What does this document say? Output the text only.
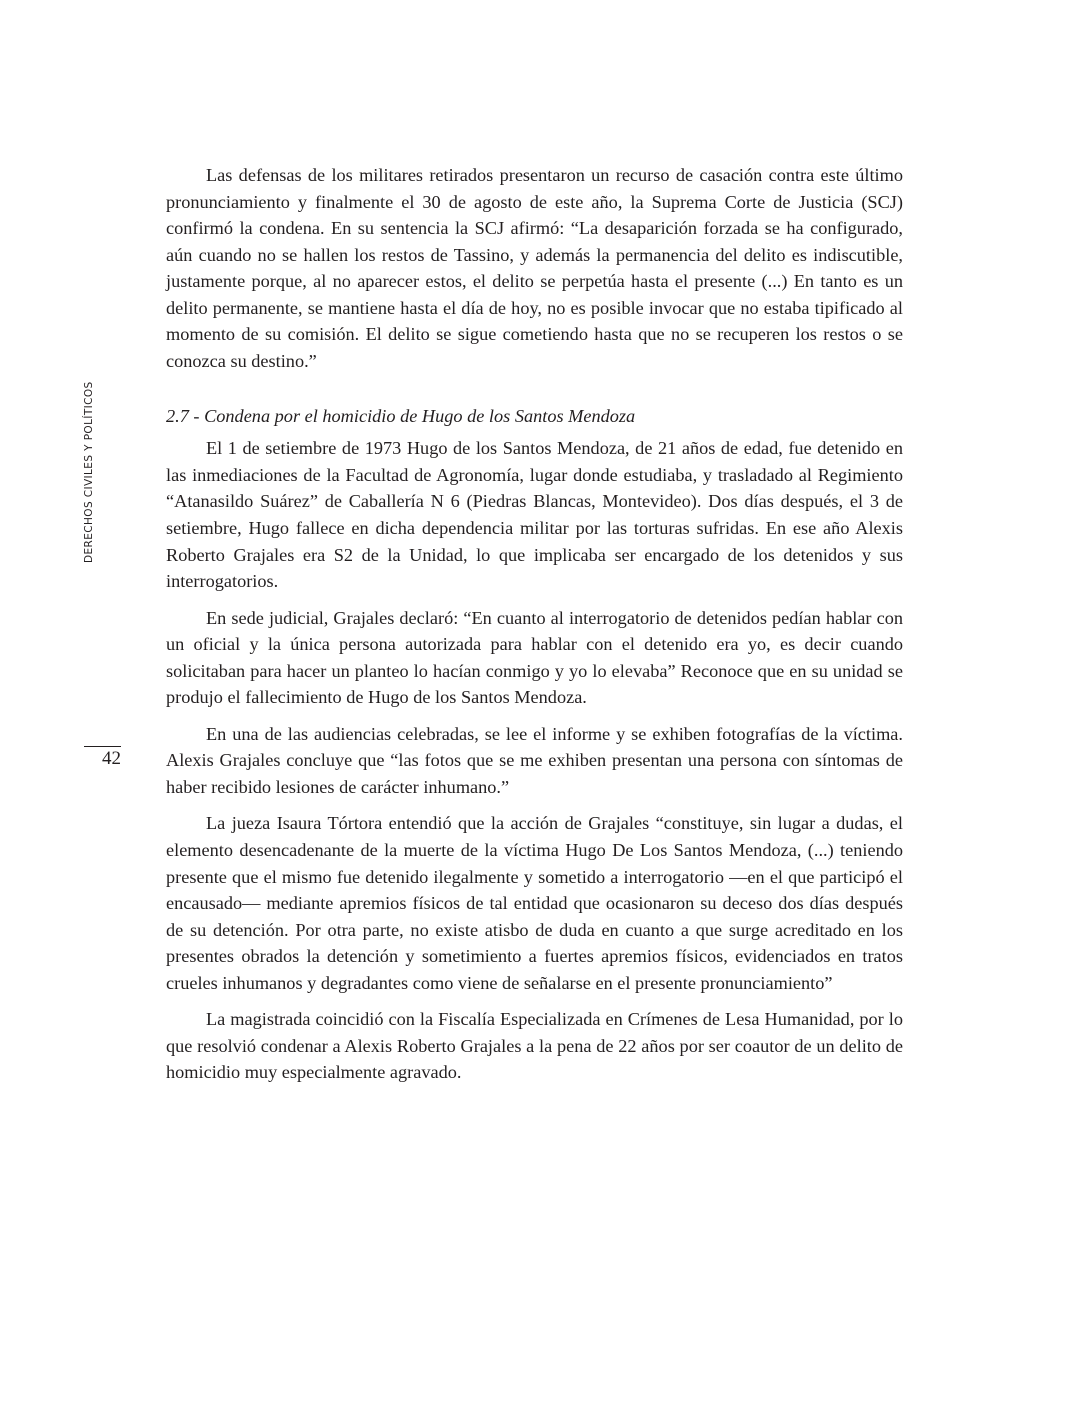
DERECHOS CIVILES Y POLÍTICOS
42

Las defensas de los militares retirados presentaron un recurso de casación contra este último pronunciamiento y finalmente el 30 de agosto de este año, la Suprema Corte de Justicia (SCJ) confirmó la condena. En su sentencia la SCJ afirmó: “La desaparición forzada se ha configurado, aún cuando no se hallen los restos de Tassino, y además la permanencia del delito es indiscutible, justamente porque, al no aparecer estos, el delito se perpetúa hasta el presente (...) En tanto es un delito permanente, se mantiene hasta el día de hoy, no es posible invocar que no estaba tipificado al momento de su comisión. El delito se sigue cometiendo hasta que no se recuperen los restos o se conozca su destino.”

2.7 - Condena por el homicidio de Hugo de los Santos Mendoza

El 1 de setiembre de 1973 Hugo de los Santos Mendoza, de 21 años de edad, fue detenido en las inmediaciones de la Facultad de Agronomía, lugar donde estudiaba, y trasladado al Regimiento “Atanasildo Suárez” de Caballería N 6 (Piedras Blancas, Montevideo). Dos días después, el 3 de setiembre, Hugo fallece en dicha dependencia militar por las torturas sufridas. En ese año Alexis Roberto Grajales era S2 de la Unidad, lo que implicaba ser encargado de los detenidos y sus interrogatorios.

En sede judicial, Grajales declaró: “En cuanto al interrogatorio de detenidos pedían hablar con un oficial y la única persona autorizada para hablar con el detenido era yo, es decir cuando solicitaban para hacer un planteo lo hacían conmigo y yo lo elevaba” Reconoce que en su unidad se produjo el fallecimiento de Hugo de los Santos Mendoza.

En una de las audiencias celebradas, se lee el informe y se exhiben fotografías de la víctima. Alexis Grajales concluye que “las fotos que se me exhiben presentan una persona con síntomas de haber recibido lesiones de carácter inhumano.”

La jueza Isaura Tórtora entendió que la acción de Grajales “constituye, sin lugar a dudas, el elemento desencadenante de la muerte de la víctima Hugo De Los Santos Mendoza, (...) teniendo presente que el mismo fue detenido ilegalmente y sometido a interrogatorio —en el que participó el encausado— mediante apremios físicos de tal entidad que ocasionaron su deceso dos días después de su detención. Por otra parte, no existe atisbo de duda en cuanto a que surge acreditado en los presentes obrados la detención y sometimiento a fuertes apremios físicos, evidenciados en tratos crueles inhumanos y degradantes como viene de señalarse en el presente pronunciamiento”

La magistrada coincidió con la Fiscalía Especializada en Crímenes de Lesa Humanidad, por lo que resolvió condenar a Alexis Roberto Grajales a la pena de 22 años por ser coautor de un delito de homicidio muy especialmente agravado.
